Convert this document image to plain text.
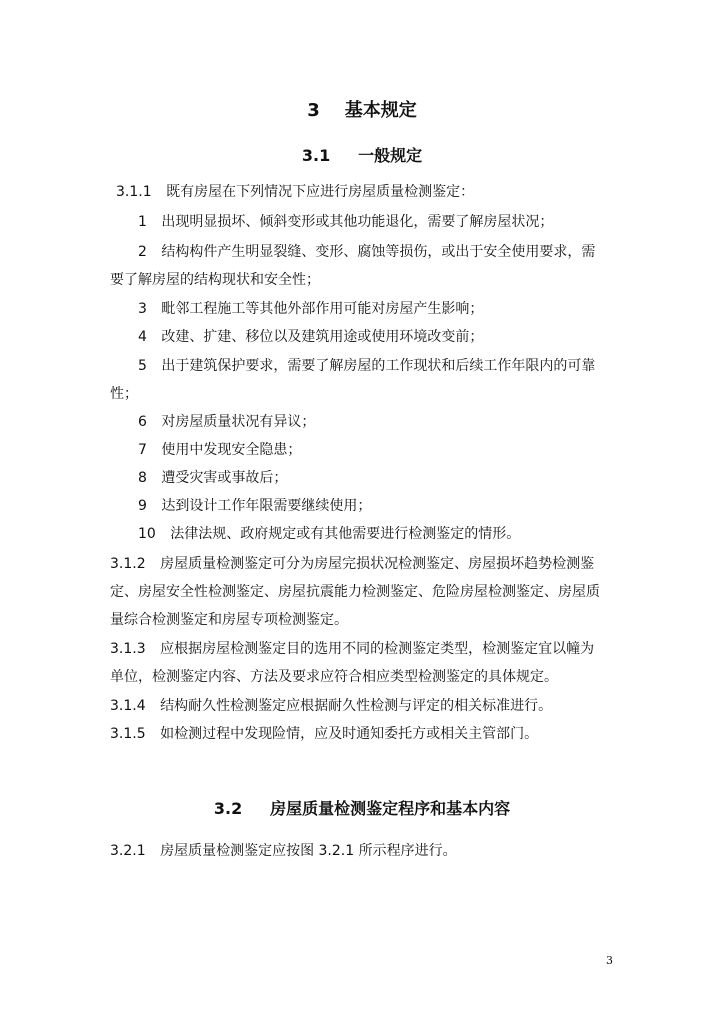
3 基本规定
3.1 一般规定
3.1.1 既有房屋在下列情况下应进行房屋质量检测鉴定：
1 出现明显损坏、倾斜变形或其他功能退化，需要了解房屋状况；
2 结构构件产生明显裂缝、变形、腐蚀等损伤，或出于安全使用要求，需
要了解房屋的结构现状和安全性；
3 毗邻工程施工等其他外部作用可能对房屋产生影响；
4 改建、扩建、移位以及建筑用途或使用环境改变前；
5 出于建筑保护要求，需要了解房屋的工作现状和后续工作年限内的可靠
性；
6 对房屋质量状况有异议；
7 使用中发现安全隐患；
8 遭受灾害或事故后；
9 达到设计工作年限需要继续使用；
10 法律法规、政府规定或有其他需要进行检测鉴定的情形。
3.1.2 房屋质量检测鉴定可分为房屋完损状况检测鉴定、房屋损坏趋势检测鉴
定、房屋安全性检测鉴定、房屋抗震能力检测鉴定、危险房屋检测鉴定、房屋质
量综合检测鉴定和房屋专项检测鉴定。
3.1.3 应根据房屋检测鉴定目的选用不同的检测鉴定类型，检测鉴定宜以幢为
单位，检测鉴定内容、方法及要求应符合相应类型检测鉴定的具体规定。
3.1.4 结构耐久性检测鉴定应根据耐久性检测与评定的相关标准进行。
3.1.5 如检测过程中发现险情，应及时通知委托方或相关主管部门。
3.2 房屋质量检测鉴定程序和基本内容
3.2.1 房屋质量检测鉴定应按图 3.2.1 所示程序进行。
3
